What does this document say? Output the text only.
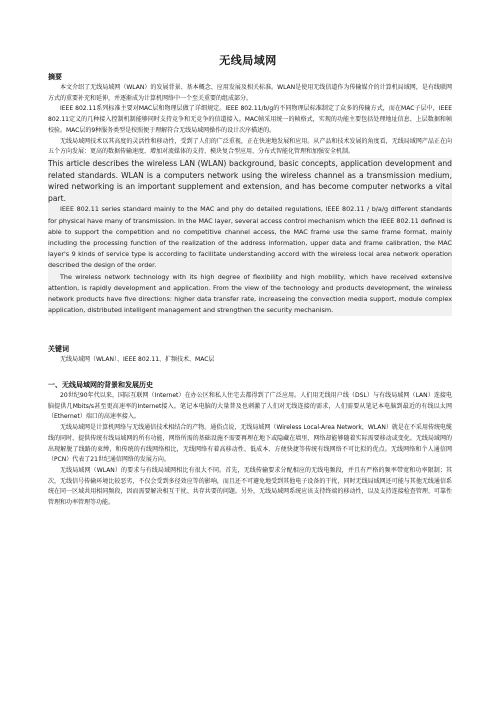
无线局域网
摘要

本文介绍了无线局域网（WLAN）的发展背景、基本概念、应用发展及相关标准。WLAN是使用无线信道作为传输媒介的计算机局域网，是有线联网方式的重要补充和延伸，并逐渐成为计算机网络中一个至关重要的组成部分。

IEEE 802.11系列标准主要对MAC层和物理层做了详细规定。IEEE 802.11/b/g的不同物理层标准制定了众多的传输方式，而在MAC子层中，IEEE 802.11定义的几种接入控制机制能够同时支持竞争和无竞争的信道接入。MAC帧采用统一的帧格式，实现的功能主要包括处理地址信息、上层数据和帧校验。MAC层的9种服务类型是按照便于理解符合无线局域网操作的设计次序描述的。

无线局域网技术以其高度的灵活性和移动性，受到了人们的广泛重视，正在快速地发展和应用。从产品和技术发展的角度看，无线局域网产品正在向五个方向发展：更高的数据传输速度、增加对流媒体的支持、模块复合型应用、分布式智能化管理和加强安全机制。

This article describes the wireless LAN (WLAN) background, basic concepts, application development and related standards. WLAN is a computers network using the wireless channel as a transmission medium, wired networking is an important supplement and extension, and has become computer networks a vital part.

IEEE 802.11 series standard mainly to the MAC and phy do detailed regulations, IEEE 802.11 / b/a/g different standards for physical have many of transmission. In the MAC layer, several access control mechanism which the IEEE 802.11 defined is able to support the competition and no competitive channel access, the MAC frame use the same frame format, mainly including the processing function of the realization of the address information, upper data and frame calibration, the MAC layer's 9 kinds of service type is according to facilitate understanding accord with the wireless local area network operation described the design of the order.

The wireless network technology with its high degree of flexibility and high mobility, which have received extensive attention, is rapidly development and application. From the view of the technology and products development, the wireless network products have five directions: higher data transfer rate, increaseing the convection media support, module complex application, distributed intelligent management and strengthen the security mechanism.

关键词

无线局域网（WLAN）、IEEE 802.11、扩频技术、MAC层

一、无线局域网的背景和发展历史

20世纪90年代以来，国际互联网（Internet）在办公区和私人住宅去都得到了广泛应用。人们用无线用户线（DSL）与有线局域网（LAN）连接电脑提供几Mbits/s甚至更高速率的Internet接入。笔记本电脑的大量普及也刺激了人们对无线连接的需求，人们需要从笔记本电脑到最近的有线以太网（Ethernet）端口的高速率接入。

无线局域网是计算机网络与无线通信技术相结合的产物。通俗点说，无线局域网（Wireless Local-Area Network，WLAN）就是在不采用传统电缆线的同时，提供传统有线局域网的所有功能，网络所需的基础设施不需要再埋在地下或隐藏在墙里，网络却能够随着实际需要移动或变化。无线局域网的出现解脱了线路的束缚，和传统的有线网络相比，无线网络有着高移动性、低成本、方便快捷等传统有线网络不可比拟的优点。无线网络和个人通信网（PCN）代表了21世纪通信网络的发展方向。

无线局域网（WLAN）的要求与有线局域网相比有很大不同。首先，无线传输要求分配相应的无线电频段，并且有严格的频率带宽和功率限制；其次，无线信号传输环境比较恶劣，不仅会受到多径效应等的影响，而且还不可避免地受到其他电子设备的干扰，同时无线局域网还可能与其他无线通信系统在同一区域共用相同频段，因而需要解决相互干扰、共存共要的问题。另外，无线局域网系统应该支持终端的移动性，以及支持连接检查管理、可靠性管理和功率管理等功能。
